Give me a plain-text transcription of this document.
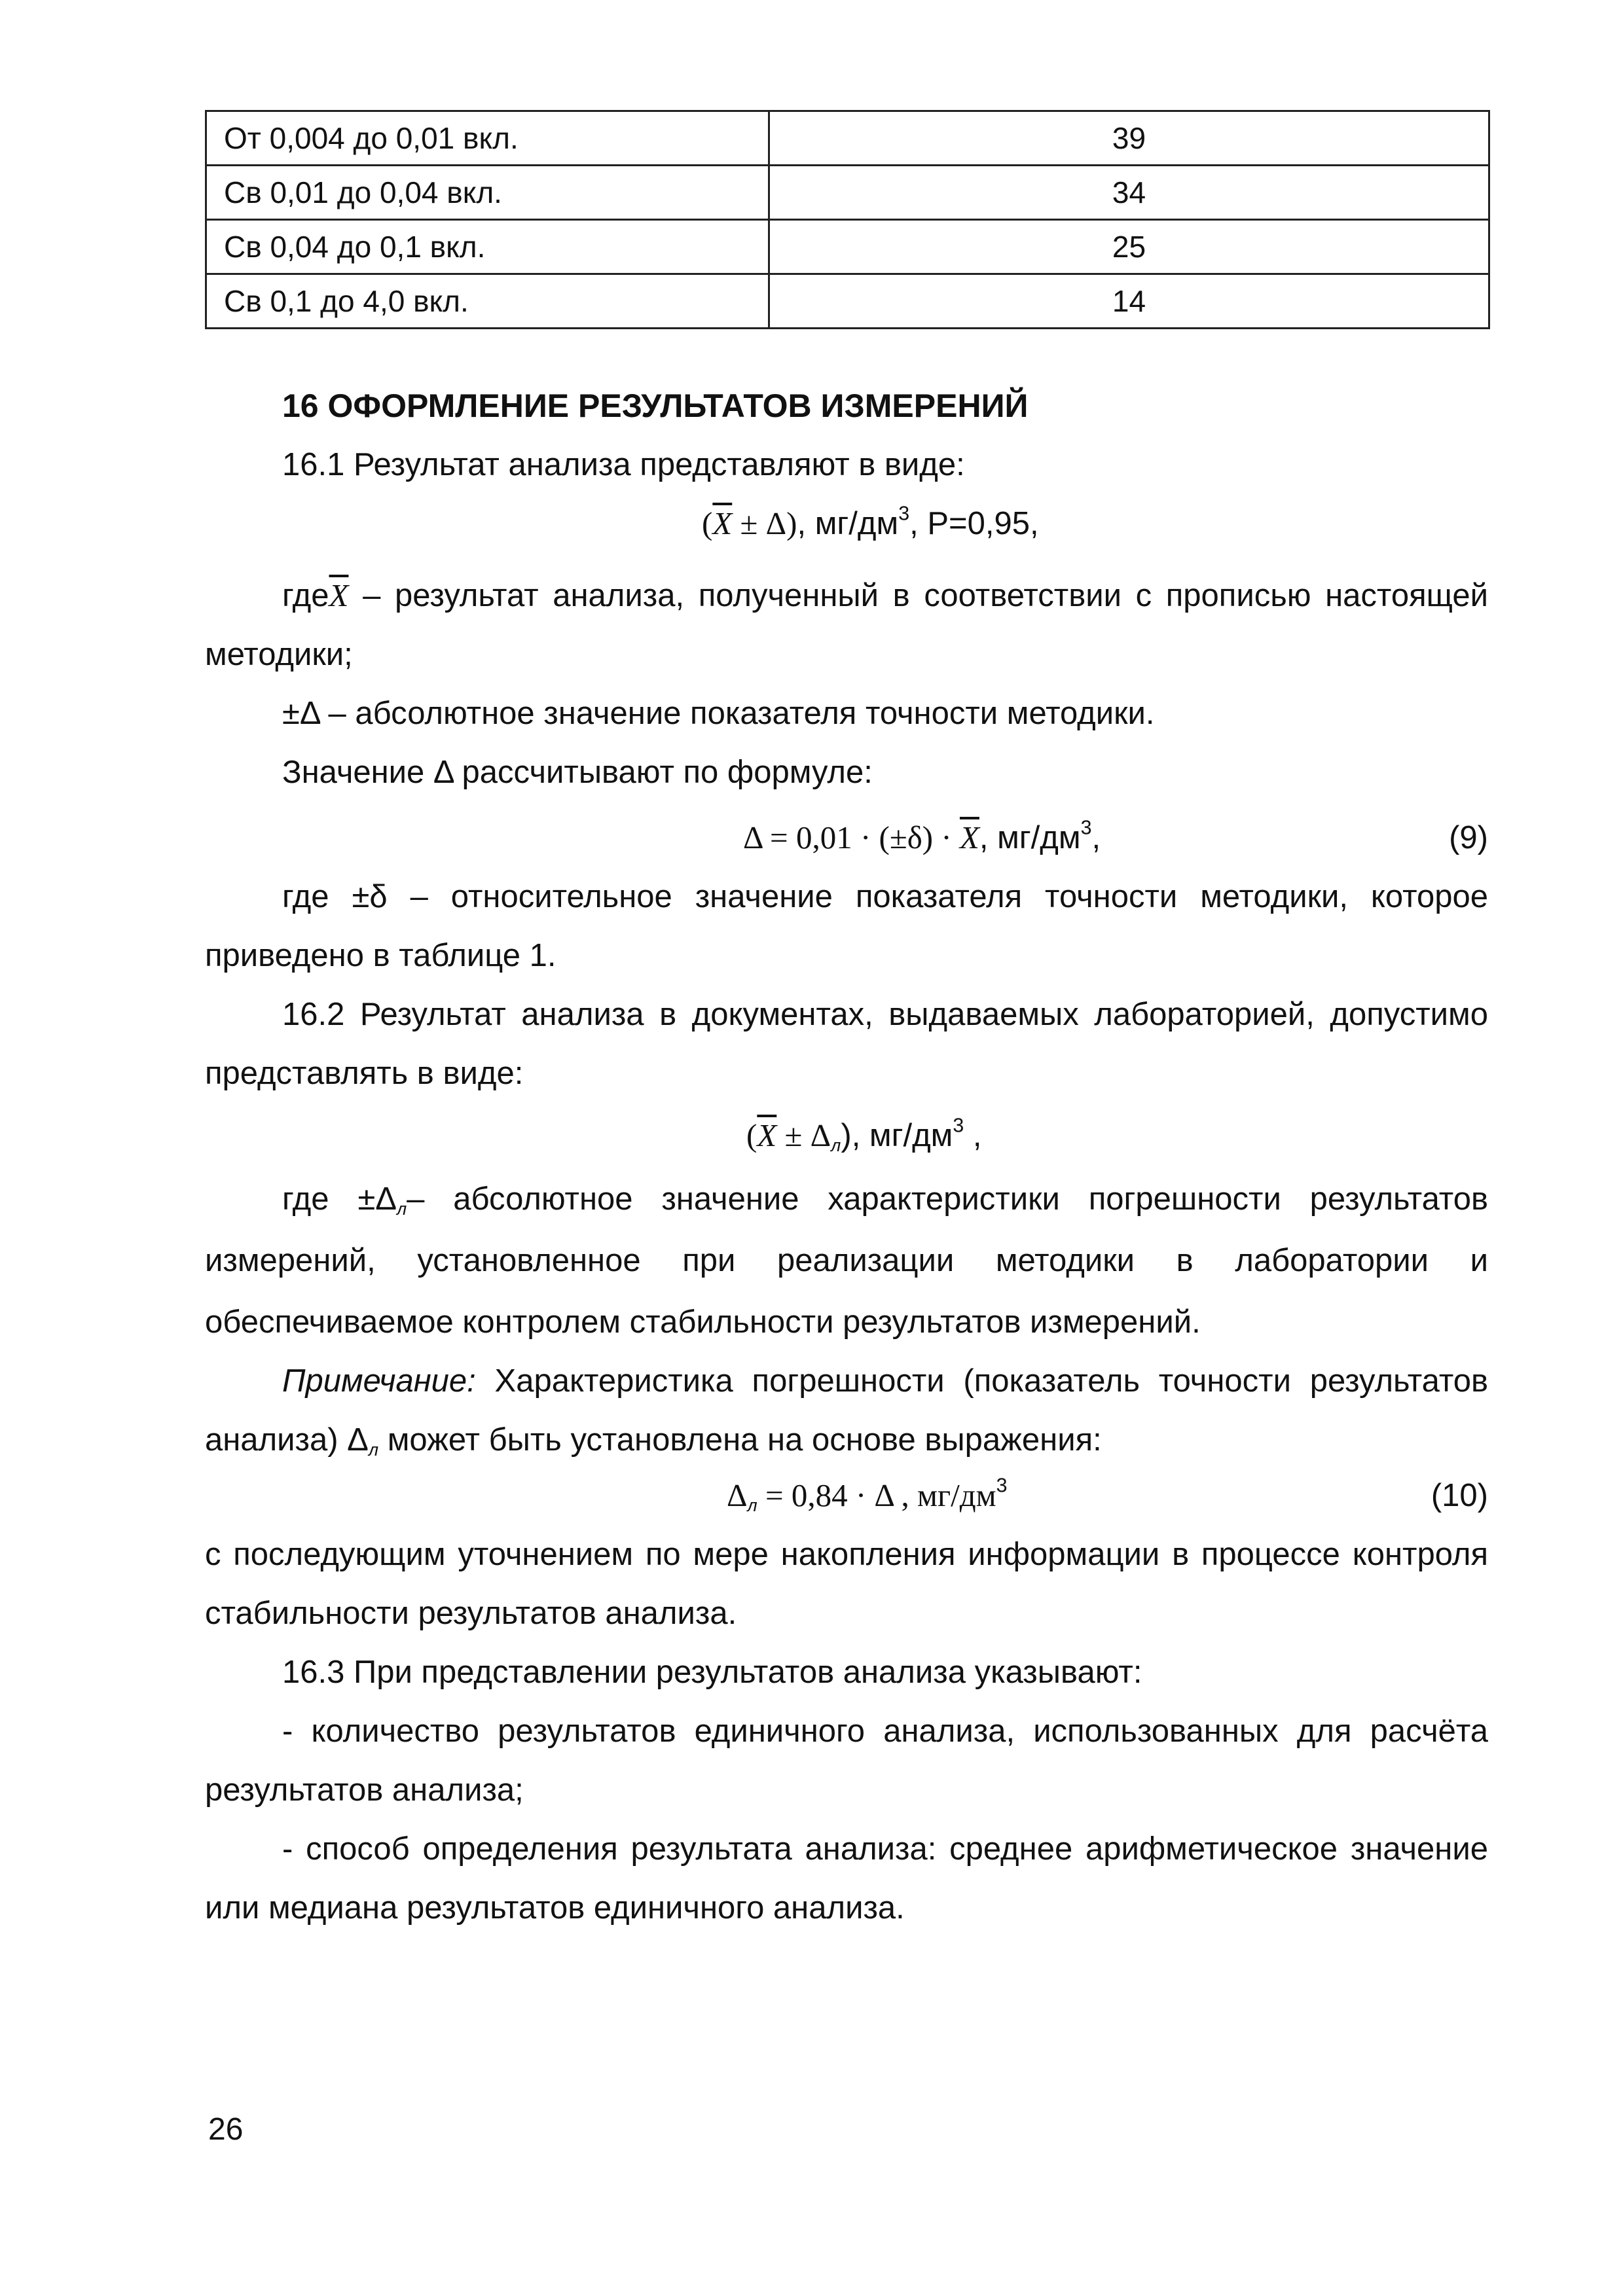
От 0,004 до 0,01 вкл.	39
Св 0,01 до 0,04 вкл.	34
Св 0,04 до 0,1 вкл.	25
Св 0,1 до 4,0 вкл.	14
16 ОФОРМЛЕНИЕ РЕЗУЛЬТАТОВ ИЗМЕРЕНИЙ
16.1 Результат анализа представляют в виде:
$(\overline{X} \pm \Delta)$, $мг/дм^3$, P=0,95,
$где\overline{X}$ – результат анализа, полученный в соответствии с прописью настоящей методики;
±Δ – абсолютное значение показателя точности методики.
Значение Δ рассчитывают по формуле:
$\Delta = 0,01 \cdot (\pm\delta) \cdot \overline{X}$, $мг/дм^3$,	(9)
где ±δ – относительное значение показателя точности методики, которое приведено в таблице 1.
16.2 Результат анализа в документах, выдаваемых лабораторией, допустимо представлять в виде:
$(\overline{X} \pm \Delta_л)$, $мг/дм^3$ ,
где $\pm\Delta_л-$ абсолютное значение характеристики погрешности результатов измерений, установленное при реализации методики в лаборатории и обеспечиваемое контролем стабильности результатов измерений.
Примечание: Характеристика погрешности (показатель точности результатов анализа) $\Delta_л$ может быть установлена на основе выражения:
$\Delta_л = 0,84 \cdot \Delta$ , $мг/дм^3$	(10)
с последующим уточнением по мере накопления информации в процессе контроля стабильности результатов анализа.
16.3 При представлении результатов анализа указывают:
- количество результатов единичного анализа, использованных для расчёта результатов анализа;
- способ определения результата анализа: среднее арифметическое значение или медиана результатов единичного анализа.
26
